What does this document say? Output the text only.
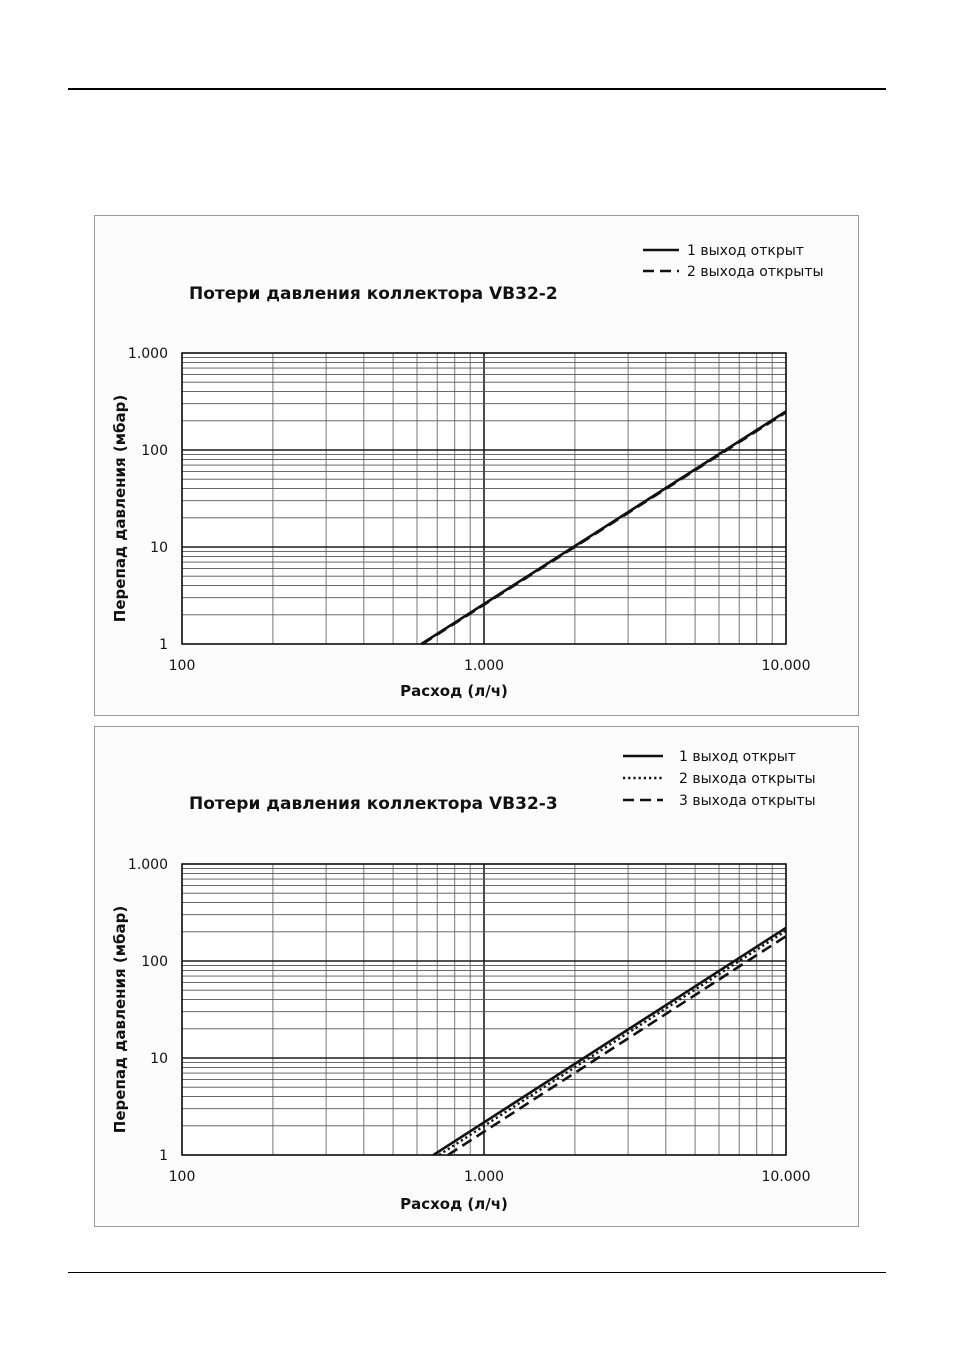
100	1.000	10.000
1
10
100
1.000
Расход (л/ч)
Перепад давления (мбар)
Потери давления коллектора VB32-2
1 выход открыт
2 выхода открыты
100	1.000	10.000
1
10
100
1.000
Расход (л/ч)
Перепад давления (мбар)
Потери давления коллектора VB32-3
1 выход открыт
2 выхода открыты
3 выхода открыты
